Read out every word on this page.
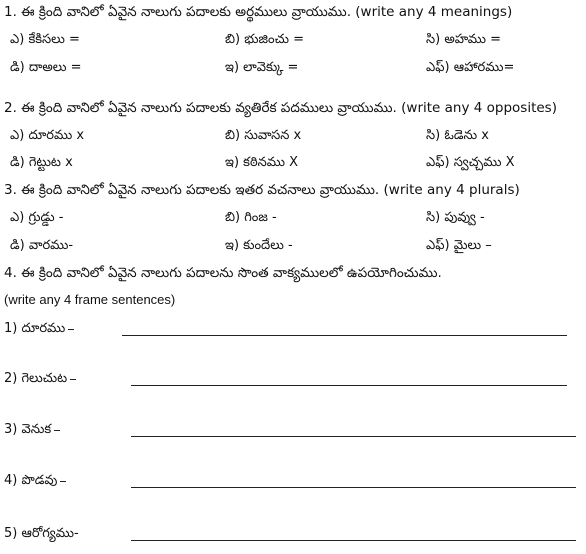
1. ఈ క్రింది వానిలో ఏవైన నాలుగు పదాలకు అర్థములు వ్రాయుము. (write any 4 meanings)
ఎ) కేకిసలు =	బి) భుజించు =	సి) అహము =
డి) దాఅలు =	ఇ) లావెక్కు =	ఎఫ్) ఆహారము=
2. ఈ క్రింది వానిలో ఏవైన నాలుగు పదాలకు వ్యతిరేక పదములు వ్రాయుము. (write any 4 opposites)
ఎ) దూరము x	బి) సువాసన x	సి) ఓడెను x
డి) గెట్టుట x	ఇ) కఠినము X	ఎఫ్) స్వచ్చము X
3. ఈ క్రింది వానిలో ఏవైన నాలుగు పదాలకు ఇతర వచనాలు వ్రాయుము. (write any 4 plurals)
ఎ) గ్రుడ్డు -	బి) గింజ -	సి) పువ్వు -
డి) వారము-	ఇ) కుందేలు -	ఎఫ్) మైలు –
4. ఈ క్రింది వానిలో ఏవైన నాలుగు పదాలను సొంత వాక్యములలో ఉపయోగించుము.
(write any 4 frame sentences)
1) దూరము
2) గెలుచుట
3) వెనుక
4) పొడవు
5) ఆరోగ్యము-
